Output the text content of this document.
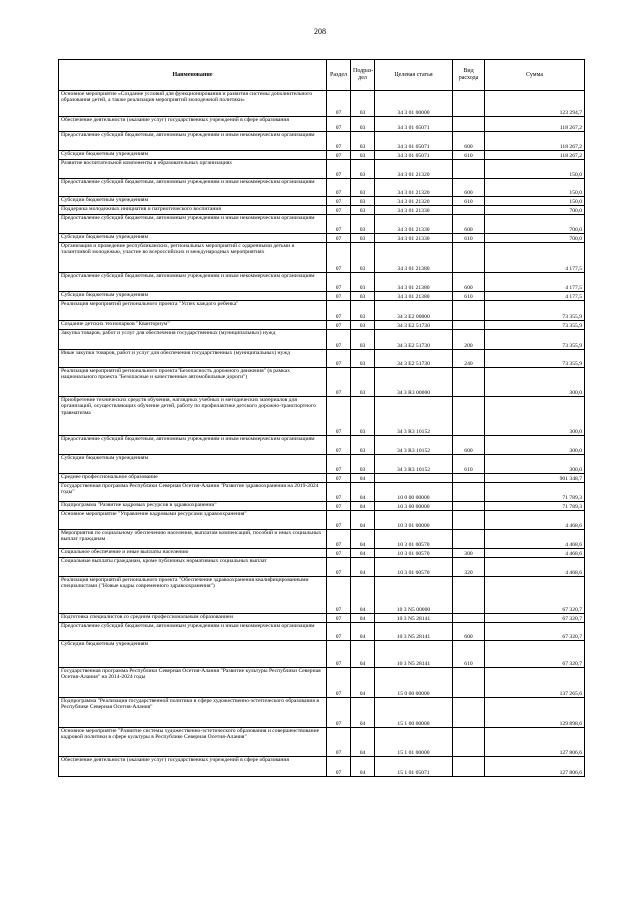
208
Наименование	Раздел	Подраз-дел	Целевая статья	Вид расхода	Сумма
Основное мероприятие «Создание условий для функционирования и развития системы дополнительного образования детей, а также реализация мероприятий молодежной политики»	07	03	34 3 01 00000		123 294,7
Обеспечение деятельности (оказание услуг) государственных учреждений в сфере образования	07	03	34 3 01 05071		118 267,2
Предоставление субсидий бюджетным, автономным учреждениям и иным некоммерческим организациям	07	03	34 3 01 05071	600	118 267,2
Субсидии бюджетным учреждениям	07	03	34 3 01 05071	610	118 267,2
Развитие воспитательной компоненты в образовательных организациях	07	03	34 3 01 21320		150,0
Предоставление субсидий бюджетным, автономным учреждениям и иным некоммерческим организациям	07	03	34 3 01 21320	600	150,0
Субсидии бюджетным учреждениям	07	03	34 3 01 21320	610	150,0
Поддержка молодежных инициатив и патриотического воспитания	07	03	34 3 01 21330		700,0
Предоставление субсидий бюджетным, автономным учреждениям и иным некоммерческим организациям	07	03	34 3 01 21330	600	700,0
Субсидии бюджетным учреждениям	07	03	34 3 01 21330	610	700,0
Организация и проведение республиканских, региональных мероприятий с одаренными детьми и талантливой молодежью, участие во всероссийских и международных мероприятиях	07	03	34 3 01 21380		4 177,5
Предоставление субсидий бюджетным, автономным учреждениям и иным некоммерческим организациям	07	03	34 3 01 21380	600	4 177,5
Субсидии бюджетным учреждениям	07	03	34 3 01 21380	610	4 177,5
Реализация мероприятий регионального проекта "Успех каждого ребенка"	07	03	34 3 E2 00000		73 355,9
Создание детских технопарков "Кванториум"	07	03	34 3 E2 51730		73 355,9
Закупка товаров, работ и услуг для обеспечения государственных (муниципальных) нужд	07	03	34 3 E2 51730	200	73 355,9
Иные закупки товаров, работ и услуг для обеспечения государственных (муниципальных) нужд	07	03	34 3 E2 51730	240	73 355,9
Реализация мероприятий регионального проекта"Безопасность дорожного движения" (в рамках национального проекта "Безопасные и качественные автомобильные дороги")	07	03	34 3 R3 00000		300,0
Приобретение технических средств обучения, наглядных учебных и методических материалов для организаций, осуществляющих обучение детей, работу по профилактике детского дорожно-транспортного травматизма	07	03	34 3 R3 10152		300,0
Предоставление субсидий бюджетным, автономным учреждениям и иным некоммерческим организациям	07	03	34 3 R3 10152	600	300,0
Субсидии бюджетным учреждениям	07	03	34 3 R3 10152	610	300,0
Среднее профессиональное образование	07	04			901 348,7
Государственная программа Республики Северная Осетия-Алания "Развитие здравоохранения на 2019-2024 годы"	07	04	10 0 00 00000		71 789,3
Подпрограмма "Развитие кадровых ресурсов в здравоохранении"	07	04	10 3 00 00000		71 789,3
Основное мероприятие "Управление кадровыми ресурсами здравоохранения"	07	04	10 3 01 00000		4 468,6
Мероприятия по социальному обеспечению населения, выплатам компенсаций, пособий и иных социальных выплат гражданам	07	04	10 3 01 00570		4 468,6
Социальное обеспечение и иные выплаты населению	07	04	10 3 01 00570	300	4 468,6
Социальные выплаты гражданам, кроме публичных нормативных социальных выплат	07	04	10 3 01 00570	320	4 468,6
Реализация мероприятий регионального проекта "Обеспечение здравоохранения квалифицированными специалистами ("Новые кадры современного здравоохранения")	07	04	10 3 N5 00000		67 320,7
Подготовка специалистов со средним профессиональным образованием	07	04	10 3 N5 28141		67 320,7
Предоставление субсидий бюджетным, автономным учреждениям и иным некоммерческим организациям	07	04	10 3 N5 28141	600	67 320,7
Субсидии бюджетным учреждениям	07	04	10 3 N5 28141	610	67 320,7
Государственная программа Республики Северная Осетия-Алания "Развитие культуры Республики Северная Осетия-Алания" на 2014-2024 годы	07	04	15 0 00 00000		137 265,6
Подпрограмма "Реализация государственной политики в сфере художественно-эстетического образования в Республике Северная Осетия-Алания"	07	04	15 1 00 00000		129 898,6
Основное мероприятие "Развитие системы художественно-эстетического образования и совершенствование кадровой политики в сфере культуры в Республике Северная Осетия-Алания"	07	04	15 1 01 00000		127 806,6
Обеспечение деятельности (оказание услуг) государственных учреждений в сфере образования	07	04	15 1 01 05071		127 806,6
